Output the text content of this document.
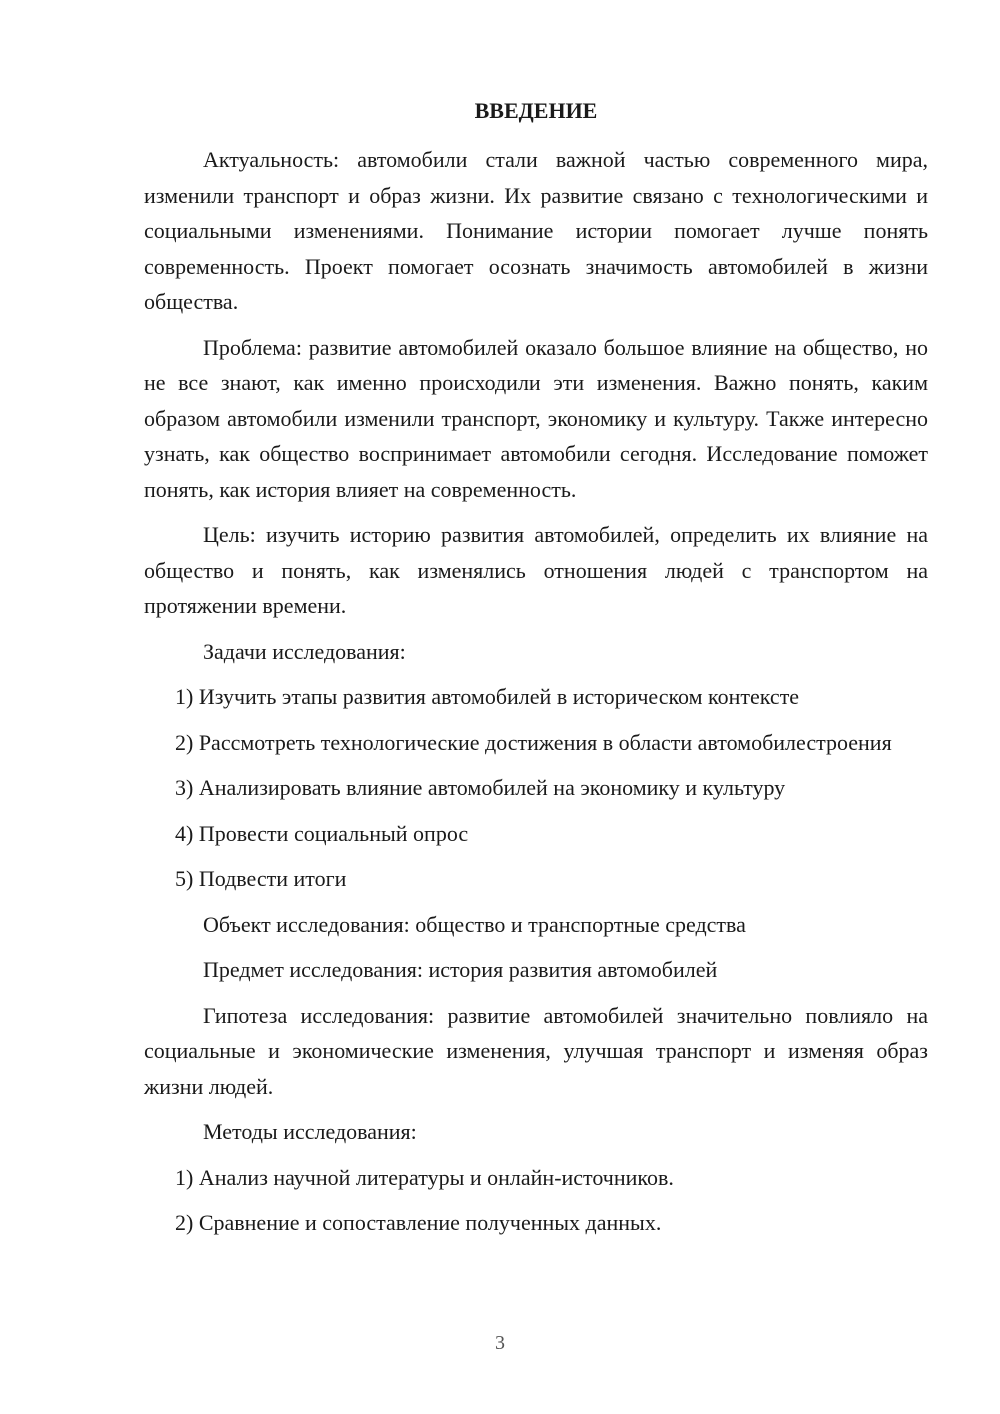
ВВЕДЕНИЕ

Актуальность: автомобили стали важной частью современного мира, изменили транспорт и образ жизни. Их развитие связано с технологическими и социальными изменениями. Понимание истории помогает лучше понять современность. Проект помогает осознать значимость автомобилей в жизни общества.

Проблема: развитие автомобилей оказало большое влияние на общество, но не все знают, как именно происходили эти изменения. Важно понять, каким образом автомобили изменили транспорт, экономику и культуру. Также интересно узнать, как общество воспринимает автомобили сегодня. Исследование поможет понять, как история влияет на современность.

Цель: изучить историю развития автомобилей, определить их влияние на общество и понять, как изменялись отношения людей с транспортом на протяжении времени.

Задачи исследования:

1) Изучить этапы развития автомобилей в историческом контексте

2) Рассмотреть технологические достижения в области автомобилестроения

3) Анализировать влияние автомобилей на экономику и культуру

4) Провести социальный опрос

5) Подвести итоги

Объект исследования: общество и транспортные средства

Предмет исследования: история развития автомобилей

Гипотеза исследования: развитие автомобилей значительно повлияло на социальные и экономические изменения, улучшая транспорт и изменяя образ жизни людей.

Методы исследования:

1) Анализ научной литературы и онлайн-источников.

2) Сравнение и сопоставление полученных данных.

3
